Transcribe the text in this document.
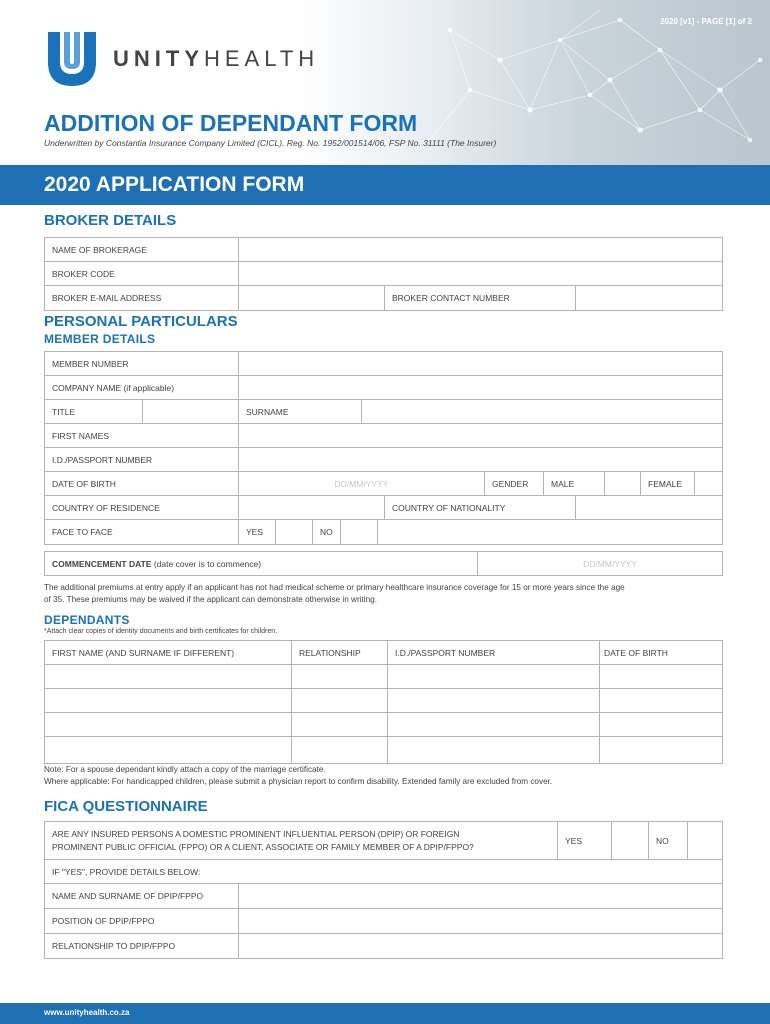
2020 [v1] - PAGE [1] of 2
UNITYHEALTH
ADDITION OF DEPENDANT FORM
Underwritten by Constantia Insurance Company Limited (CICL), Reg. No. 1952/001514/06, FSP No. 31111 (The Insurer)
2020 APPLICATION FORM
BROKER DETAILS
NAME OF BROKERAGE
BROKER CODE
BROKER E-MAIL ADDRESS	BROKER CONTACT NUMBER
PERSONAL PARTICULARS
MEMBER DETAILS
MEMBER NUMBER
COMPANY NAME (if applicable)
TITLE	SURNAME
FIRST NAMES
I.D./PASSPORT NUMBER
DATE OF BIRTH	DD/MM/YYYY	GENDER	MALE	FEMALE
COUNTRY OF RESIDENCE	COUNTRY OF NATIONALITY
FACE TO FACE	YES	NO
COMMENCEMENT DATE (date cover is to commence)	DD/MM/YYYY
The additional premiums at entry apply if an applicant has not had medical scheme or primary healthcare insurance coverage for 15 or more years since the age
of 35. These premiums may be waived if the applicant can demonstrate otherwise in writing.
DEPENDANTS
*Attach clear copies of identity documents and birth certificates for children.
FIRST NAME (AND SURNAME IF DIFFERENT)	RELATIONSHIP	I.D./PASSPORT NUMBER	DATE OF BIRTH
Note: For a spouse dependant kindly attach a copy of the marriage certificate.
Where applicable: For handicapped children, please submit a physician report to confirm disability. Extended family are excluded from cover.
FICA QUESTIONNAIRE
ARE ANY INSURED PERSONS A DOMESTIC PROMINENT INFLUENTIAL PERSON (DPIP) OR FOREIGN
PROMINENT PUBLIC OFFICIAL (FPPO) OR A CLIENT, ASSOCIATE OR FAMILY MEMBER OF A DPIP/FPPO?
YES	NO
IF "YES", PROVIDE DETAILS BELOW:
NAME AND SURNAME OF DPIP/FPPO
POSITION OF DPIP/FPPO
RELATIONSHIP TO DPIP/FPPO
www.unityhealth.co.za
